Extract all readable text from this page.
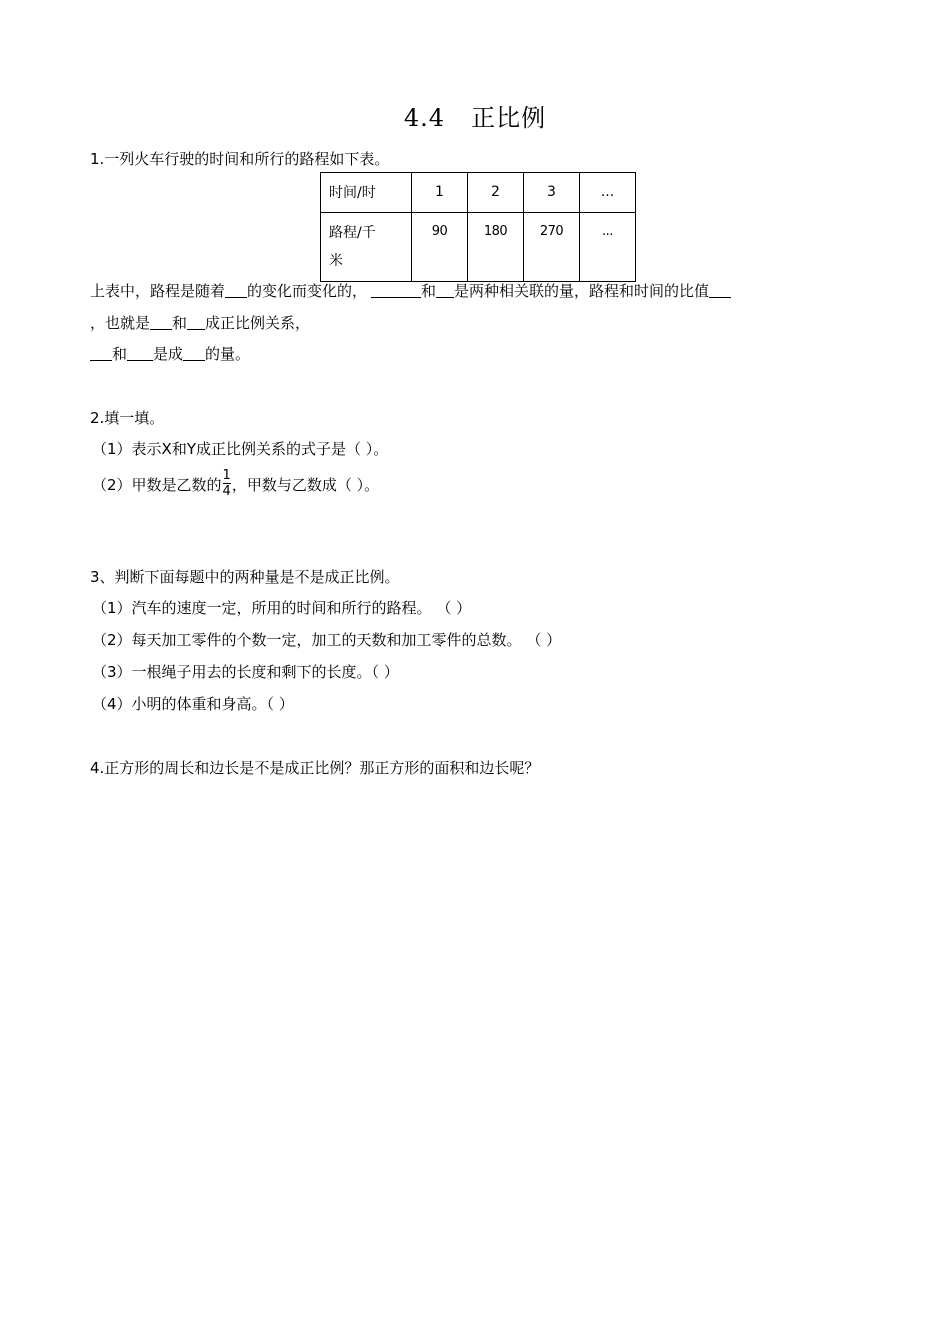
4.4 正比例
1.一列火车行驶的时间和所行的路程如下表。
时间/时	1	2	3	...
路程/千
米	90	180	270	...
上表中，路程是随着 的变化而变化的，	和 是两种相关联的量，路程和时间的比值
，也就是 和 成正比例关系，
和 是成 的量。
2.填一填。
（1）表示X和Y成正比例关系的式子是（ ）。
（2）甲数是乙数的 $\frac{1}{4}$ ，甲数与乙数成（ ）。
3、判断下面每题中的两种量是不是成正比例。
（1）汽车的速度一定，所用的时间和所行的路程。 （ ）
（2）每天加工零件的个数一定，加工的天数和加工零件的总数。 （ ）
（3）一根绳子用去的长度和剩下的长度。（ ）
（4）小明的体重和身高。（ ）
4.正方形的周长和边长是不是成正比例？那正方形的面积和边长呢？
